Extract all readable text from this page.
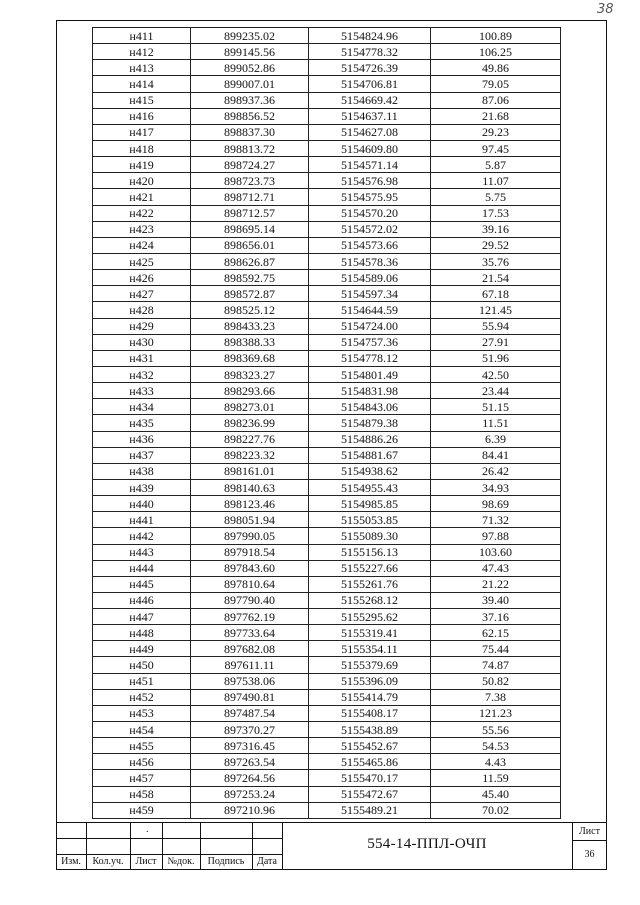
38
н411	899235.02	5154824.96	100.89
н412	899145.56	5154778.32	106.25
н413	899052.86	5154726.39	49.86
н414	899007.01	5154706.81	79.05
н415	898937.36	5154669.42	87.06
н416	898856.52	5154637.11	21.68
н417	898837.30	5154627.08	29.23
н418	898813.72	5154609.80	97.45
н419	898724.27	5154571.14	5.87
н420	898723.73	5154576.98	11.07
н421	898712.71	5154575.95	5.75
н422	898712.57	5154570.20	17.53
н423	898695.14	5154572.02	39.16
н424	898656.01	5154573.66	29.52
н425	898626.87	5154578.36	35.76
н426	898592.75	5154589.06	21.54
н427	898572.87	5154597.34	67.18
н428	898525.12	5154644.59	121.45
н429	898433.23	5154724.00	55.94
н430	898388.33	5154757.36	27.91
н431	898369.68	5154778.12	51.96
н432	898323.27	5154801.49	42.50
н433	898293.66	5154831.98	23.44
н434	898273.01	5154843.06	51.15
н435	898236.99	5154879.38	11.51
н436	898227.76	5154886.26	6.39
н437	898223.32	5154881.67	84.41
н438	898161.01	5154938.62	26.42
н439	898140.63	5154955.43	34.93
н440	898123.46	5154985.85	98.69
н441	898051.94	5155053.85	71.32
н442	897990.05	5155089.30	97.88
н443	897918.54	5155156.13	103.60
н444	897843.60	5155227.66	47.43
н445	897810.64	5155261.76	21.22
н446	897790.40	5155268.12	39.40
н447	897762.19	5155295.62	37.16
н448	897733.64	5155319.41	62.15
н449	897682.08	5155354.11	75.44
н450	897611.11	5155379.69	74.87
н451	897538.06	5155396.09	50.82
н452	897490.81	5155414.79	7.38
н453	897487.54	5155408.17	121.23
н454	897370.27	5155438.89	55.56
н455	897316.45	5155452.67	54.53
н456	897263.54	5155465.86	4.43
н457	897264.56	5155470.17	11.59
н458	897253.24	5155472.67	45.40
н459	897210.96	5155489.21	70.02
.
Изм.	Кол.уч.	Лист	№док.	Подпись	Дата
554-14-ППЛ-ОЧП
Лист
36
